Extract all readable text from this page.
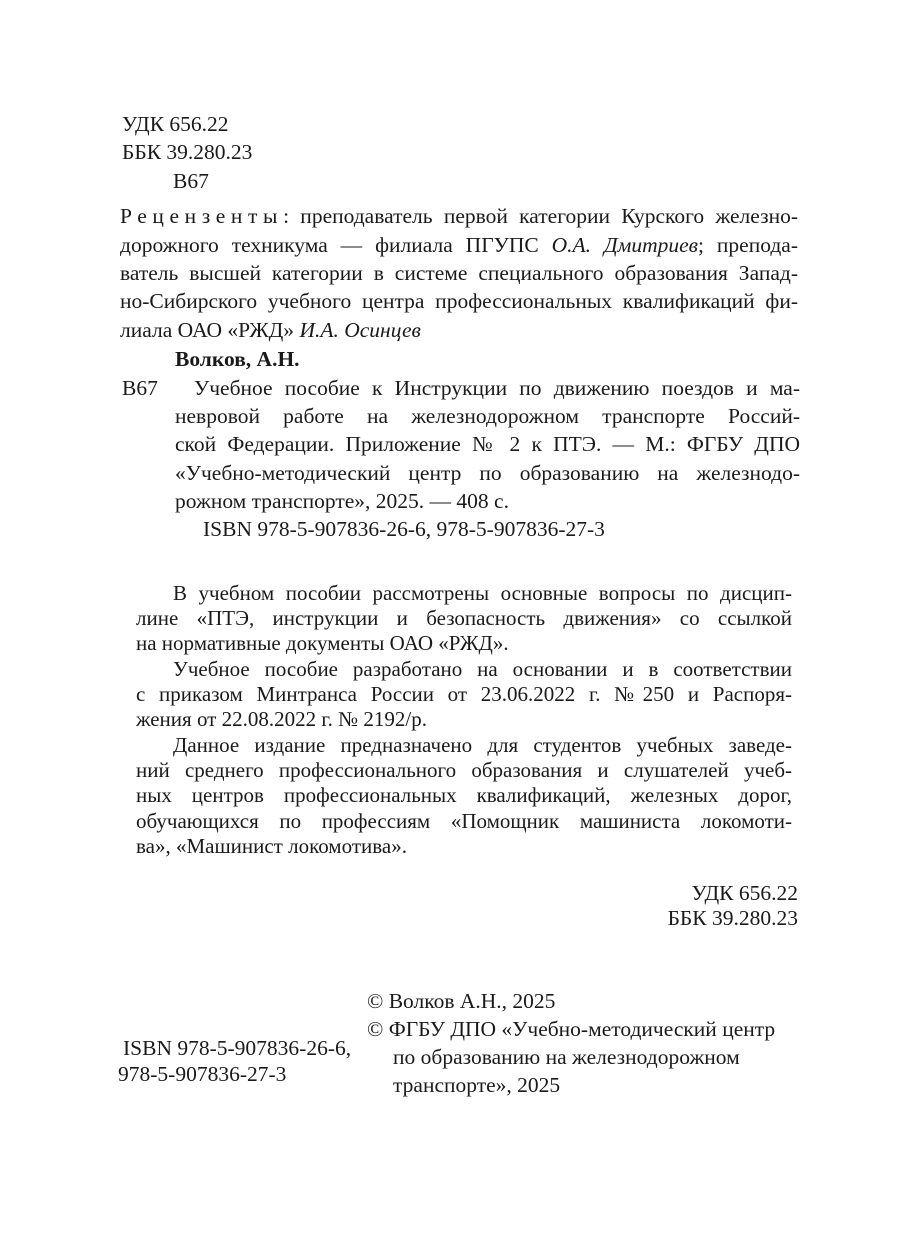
УДК 656.22
ББК 39.280.23
В67
Рецензенты: преподаватель первой категории Курского железно-
дорожного техникума — филиала ПГУПС О.А. Дмитриев; препода-
ватель высшей категории в системе специального образования Запад-
но-Сибирского учебного центра профессиональных квалификаций фи-
лиала ОАО «РЖД» И.А. Осинцев
В67
Волков, А.Н.
Учебное пособие к Инструкции по движению поездов и ма-
невровой работе на железнодорожном транспорте Россий-
ской Федерации. Приложение № 2 к ПТЭ. — М.: ФГБУ ДПО
«Учебно-методический центр по образованию на железнодо-
рожном транспорте», 2025. — 408 с.
ISBN 978-5-907836-26-6, 978-5-907836-27-3
В учебном пособии рассмотрены основные вопросы по дисцип-
лине «ПТЭ, инструкции и безопасность движения» со ссылкой
на нормативные документы ОАО «РЖД».
Учебное пособие разработано на основании и в соответствии
с приказом Минтранса России от 23.06.2022 г. №250 и Распоря-
жения от 22.08.2022 г. № 2192/р.
Данное издание предназначено для студентов учебных заведе-
ний среднего профессионального образования и слушателей учеб-
ных центров профессиональных квалификаций, железных дорог,
обучающихся по профессиям «Помощник машиниста локомоти-
ва», «Машинист локомотива».
УДК 656.22
ББК 39.280.23
ISBN 978-5-907836-26-6,
978-5-907836-27-3
© Волков А.Н., 2025
© ФГБУ ДПО «Учебно-методический центр
по образованию на железнодорожном
транспорте», 2025
